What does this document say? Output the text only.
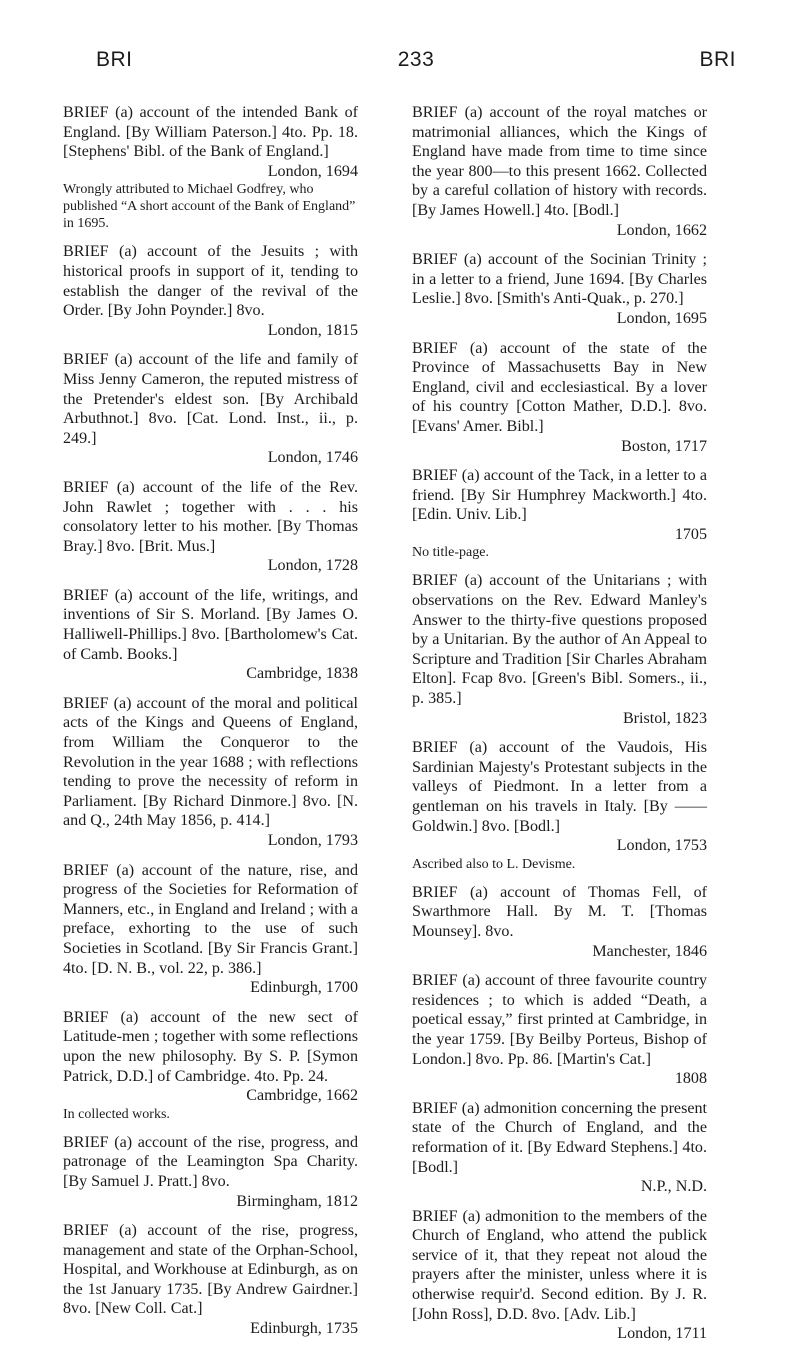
BRI	233	BRI
BRIEF (a) account of the intended Bank of England. [By William Paterson.] 4to. Pp. 18. [Stephens' Bibl. of the Bank of England.]
London, 1694
Wrongly attributed to Michael Godfrey, who published “A short account of the Bank of England” in 1695.
BRIEF (a) account of the Jesuits ; with historical proofs in support of it, tending to establish the danger of the revival of the Order. [By John Poynder.] 8vo.
London, 1815
BRIEF (a) account of the life and family of Miss Jenny Cameron, the reputed mistress of the Pretender's eldest son. [By Archibald Arbuthnot.] 8vo. [Cat. Lond. Inst., ii., p. 249.]
London, 1746
BRIEF (a) account of the life of the Rev. John Rawlet ; together with . . . his consolatory letter to his mother. [By Thomas Bray.] 8vo. [Brit. Mus.]
London, 1728
BRIEF (a) account of the life, writings, and inventions of Sir S. Morland. [By James O. Halliwell-Phillips.] 8vo. [Bartholomew's Cat. of Camb. Books.]
Cambridge, 1838
BRIEF (a) account of the moral and political acts of the Kings and Queens of England, from William the Conqueror to the Revolution in the year 1688 ; with reflections tending to prove the necessity of reform in Parliament. [By Richard Dinmore.] 8vo. [N. and Q., 24th May 1856, p. 414.]
London, 1793
BRIEF (a) account of the nature, rise, and progress of the Societies for Reformation of Manners, etc., in England and Ireland ; with a preface, exhorting to the use of such Societies in Scotland. [By Sir Francis Grant.] 4to. [D. N. B., vol. 22, p. 386.]
Edinburgh, 1700
BRIEF (a) account of the new sect of Latitude-men ; together with some reflections upon the new philosophy. By S. P. [Symon Patrick, D.D.] of Cambridge. 4to. Pp. 24.
Cambridge, 1662
In collected works.
BRIEF (a) account of the rise, progress, and patronage of the Leamington Spa Charity. [By Samuel J. Pratt.] 8vo.
Birmingham, 1812
BRIEF (a) account of the rise, progress, management and state of the Orphan-School, Hospital, and Workhouse at Edinburgh, as on the 1st January 1735. [By Andrew Gairdner.] 8vo. [New Coll. Cat.]
Edinburgh, 1735
BRIEF (a) account of the royal matches or matrimonial alliances, which the Kings of England have made from time to time since the year 800—to this present 1662. Collected by a careful collation of history with records. [By James Howell.] 4to. [Bodl.]
London, 1662
BRIEF (a) account of the Socinian Trinity ; in a letter to a friend, June 1694. [By Charles Leslie.] 8vo. [Smith's Anti-Quak., p. 270.]
London, 1695
BRIEF (a) account of the state of the Province of Massachusetts Bay in New England, civil and ecclesiastical. By a lover of his country [Cotton Mather, D.D.]. 8vo. [Evans' Amer. Bibl.]
Boston, 1717
BRIEF (a) account of the Tack, in a letter to a friend. [By Sir Humphrey Mackworth.] 4to. [Edin. Univ. Lib.]
1705
No title-page.
BRIEF (a) account of the Unitarians ; with observations on the Rev. Edward Manley's Answer to the thirty-five questions proposed by a Unitarian. By the author of An Appeal to Scripture and Tradition [Sir Charles Abraham Elton]. Fcap 8vo. [Green's Bibl. Somers., ii., p. 385.]
Bristol, 1823
BRIEF (a) account of the Vaudois, His Sardinian Majesty's Protestant subjects in the valleys of Piedmont. In a letter from a gentleman on his travels in Italy. [By —— Goldwin.] 8vo. [Bodl.]
London, 1753
Ascribed also to L. Devisme.
BRIEF (a) account of Thomas Fell, of Swarthmore Hall. By M. T. [Thomas Mounsey]. 8vo.
Manchester, 1846
BRIEF (a) account of three favourite country residences ; to which is added “Death, a poetical essay,” first printed at Cambridge, in the year 1759. [By Beilby Porteus, Bishop of London.] 8vo. Pp. 86. [Martin's Cat.]
1808
BRIEF (a) admonition concerning the present state of the Church of England, and the reformation of it. [By Edward Stephens.] 4to. [Bodl.]
N.P., N.D.
BRIEF (a) admonition to the members of the Church of England, who attend the publick service of it, that they repeat not aloud the prayers after the minister, unless where it is otherwise requir'd. Second edition. By J. R. [John Ross], D.D. 8vo. [Adv. Lib.]
London, 1711
